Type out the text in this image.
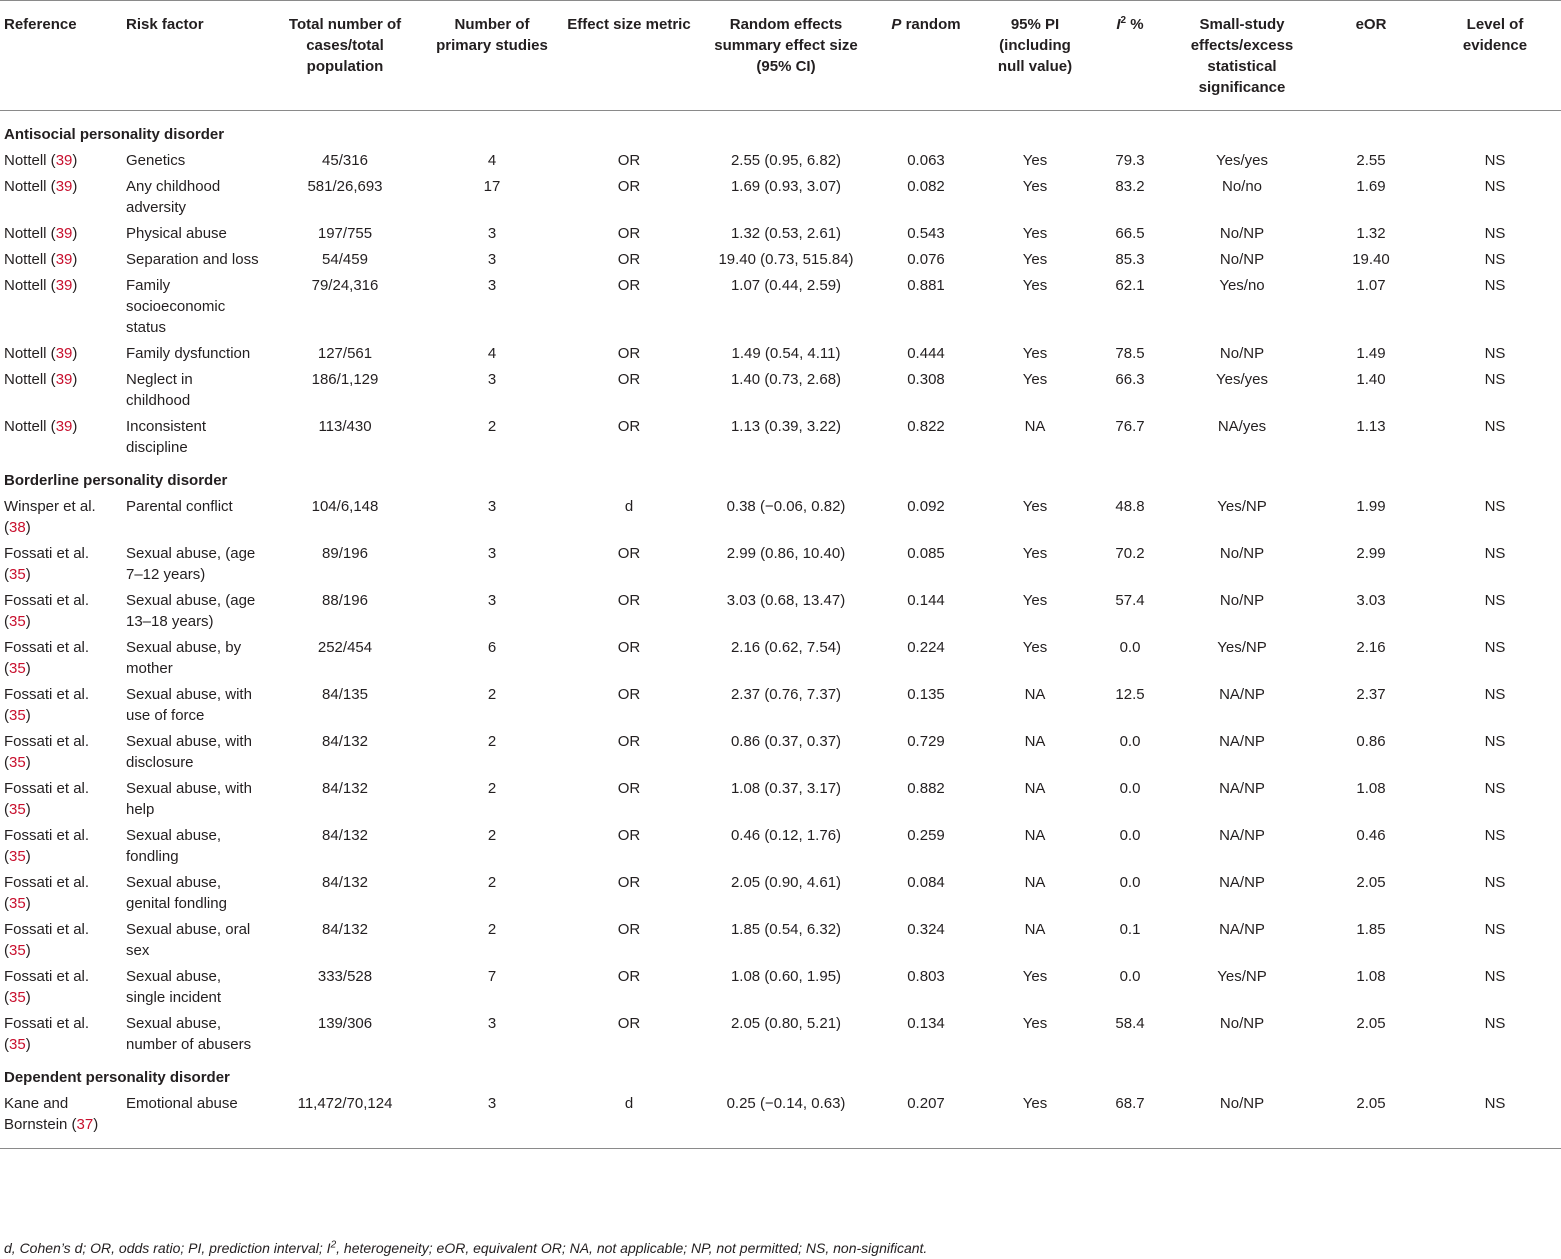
Reference	Risk factor	Total number of cases/total population	Number of primary studies	Effect size metric	Random effects summary effect size (95% CI)	P random	95% PI (including null value)	$I^2$ %	Small-study effects/excess statistical significance	eOR	Level of evidence
Antisocial personality disorder											
Nottell (39)	Genetics	45/316	4	OR	2.55 (0.95, 6.82)	0.063	Yes	79.3	Yes/yes	2.55	NS
Nottell (39)	Any childhood adversity	581/26,693	17	OR	1.69 (0.93, 3.07)	0.082	Yes	83.2	No/no	1.69	NS
Nottell (39)	Physical abuse	197/755	3	OR	1.32 (0.53, 2.61)	0.543	Yes	66.5	No/NP	1.32	NS
Nottell (39)	Separation and loss	54/459	3	OR	19.40 (0.73, 515.84)	0.076	Yes	85.3	No/NP	19.40	NS
Nottell (39)	Family socioeconomic status	79/24,316	3	OR	1.07 (0.44, 2.59)	0.881	Yes	62.1	Yes/no	1.07	NS
Nottell (39)	Family dysfunction	127/561	4	OR	1.49 (0.54, 4.11)	0.444	Yes	78.5	No/NP	1.49	NS
Nottell (39)	Neglect in childhood	186/1,129	3	OR	1.40 (0.73, 2.68)	0.308	Yes	66.3	Yes/yes	1.40	NS
Nottell (39)	Inconsistent discipline	113/430	2	OR	1.13 (0.39, 3.22)	0.822	NA	76.7	NA/yes	1.13	NS
Borderline personality disorder											
Winsper et al. (38)	Parental conflict	104/6,148	3	d	0.38 (−0.06, 0.82)	0.092	Yes	48.8	Yes/NP	1.99	NS
Fossati et al. (35)	Sexual abuse, (age 7–12 years)	89/196	3	OR	2.99 (0.86, 10.40)	0.085	Yes	70.2	No/NP	2.99	NS
Fossati et al. (35)	Sexual abuse, (age 13–18 years)	88/196	3	OR	3.03 (0.68, 13.47)	0.144	Yes	57.4	No/NP	3.03	NS
Fossati et al. (35)	Sexual abuse, by mother	252/454	6	OR	2.16 (0.62, 7.54)	0.224	Yes	0.0	Yes/NP	2.16	NS
Fossati et al. (35)	Sexual abuse, with use of force	84/135	2	OR	2.37 (0.76, 7.37)	0.135	NA	12.5	NA/NP	2.37	NS
Fossati et al. (35)	Sexual abuse, with disclosure	84/132	2	OR	0.86 (0.37, 0.37)	0.729	NA	0.0	NA/NP	0.86	NS
Fossati et al. (35)	Sexual abuse, with help	84/132	2	OR	1.08 (0.37, 3.17)	0.882	NA	0.0	NA/NP	1.08	NS
Fossati et al. (35)	Sexual abuse, fondling	84/132	2	OR	0.46 (0.12, 1.76)	0.259	NA	0.0	NA/NP	0.46	NS
Fossati et al. (35)	Sexual abuse, genital fondling	84/132	2	OR	2.05 (0.90, 4.61)	0.084	NA	0.0	NA/NP	2.05	NS
Fossati et al. (35)	Sexual abuse, oral sex	84/132	2	OR	1.85 (0.54, 6.32)	0.324	NA	0.1	NA/NP	1.85	NS
Fossati et al. (35)	Sexual abuse, single incident	333/528	7	OR	1.08 (0.60, 1.95)	0.803	Yes	0.0	Yes/NP	1.08	NS
Fossati et al. (35)	Sexual abuse, number of abusers	139/306	3	OR	2.05 (0.80, 5.21)	0.134	Yes	58.4	No/NP	2.05	NS
Dependent personality disorder											
Kane and Bornstein (37)	Emotional abuse	11,472/70,124	3	d	0.25 (−0.14, 0.63)	0.207	Yes	68.7	No/NP	2.05	NS
d, Cohen’s d; OR, odds ratio; PI, prediction interval; $I^2$, heterogeneity; eOR, equivalent OR; NA, not applicable; NP, not permitted; NS, non-significant.
